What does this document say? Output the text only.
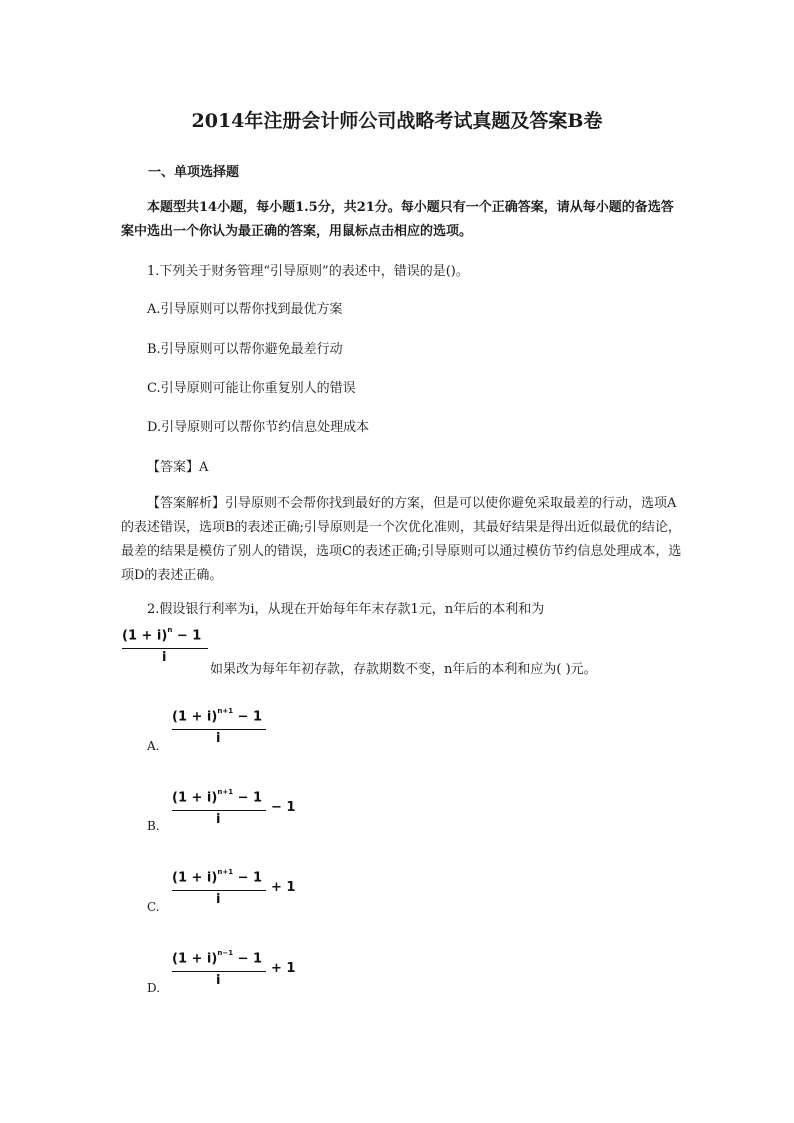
2014年注册会计师公司战略考试真题及答案B卷
一、单项选择题
本题型共14小题，每小题1.5分，共21分。每小题只有一个正确答案，请从每小题的备选答案中选出一个你认为最正确的答案，用鼠标点击相应的选项。
1.下列关于财务管理“引导原则”的表述中，错误的是()。
A.引导原则可以帮你找到最优方案
B.引导原则可以帮你避免最差行动
C.引导原则可能让你重复别人的错误
D.引导原则可以帮你节约信息处理成本
【答案】A
【答案解析】引导原则不会帮你找到最好的方案，但是可以使你避免采取最差的行动，选项A的表述错误，选项B的表述正确;引导原则是一个次优化准则，其最好结果是得出近似最优的结论，最差的结果是模仿了别人的错误，选项C的表述正确;引导原则可以通过模仿节约信息处理成本，选项D的表述正确。
2.假设银行利率为i，从现在开始每年年末存款1元，n年后的本利和为
$(1 + i)^n - 1$
i
如果改为每年年初存款，存款期数不变，n年后的本利和应为( )元。
A.
$(1 + i)^{n+1} - 1$
i
B.
$(1 + i)^{n+1} - 1$
i
− 1
C.
$(1 + i)^{n+1} - 1$
i
+ 1
D.
$(1 + i)^{n-1} - 1$
i
+ 1
